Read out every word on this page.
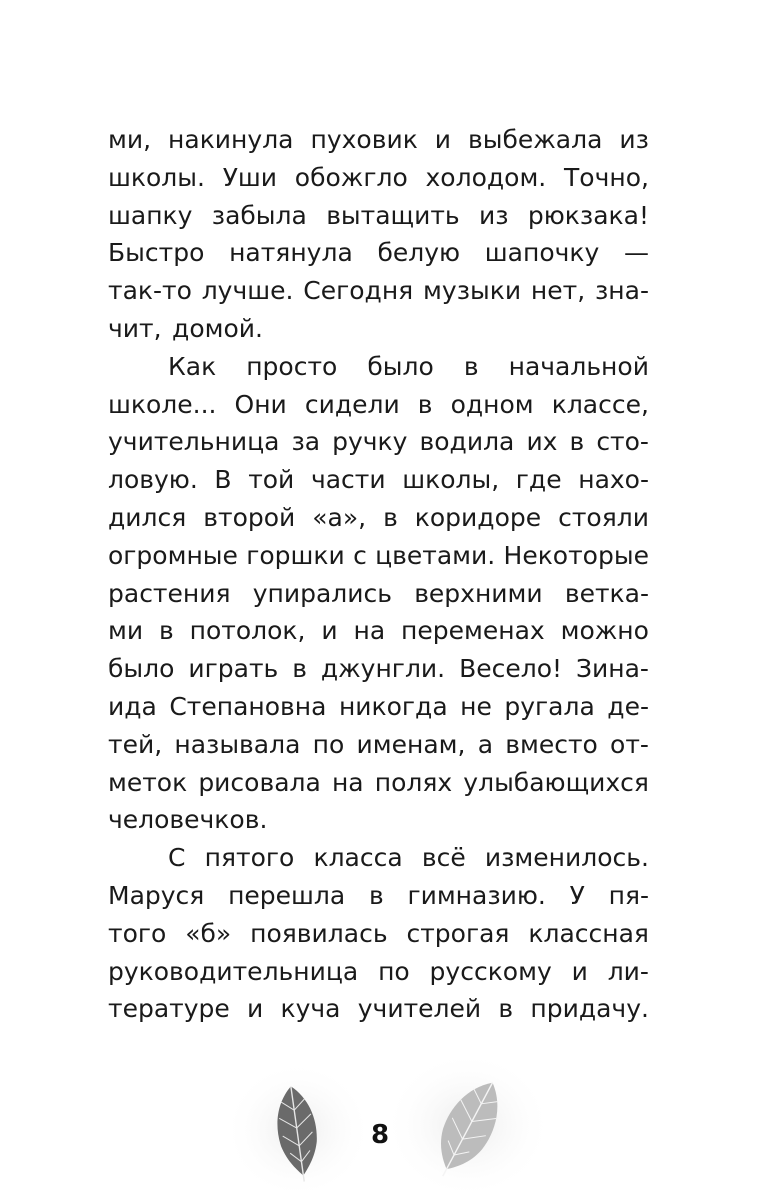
ми, накинула пуховик и выбежала из
школы. Уши обожгло холодом. Точно,
шапку забыла вытащить из рюкзака!
Быстро натянула белую шапочку —
так-то лучше. Сегодня музыки нет, зна-
чит, домой.
Как просто было в начальной
школе... Они сидели в одном классе,
учительница за ручку водила их в сто-
ловую. В той части школы, где нахо-
дился второй «а», в коридоре стояли
огромные горшки с цветами. Некоторые
растения упирались верхними ветка-
ми в потолок, и на переменах можно
было играть в джунгли. Весело! Зина-
ида Степановна никогда не ругала де-
тей, называла по именам, а вместо от-
меток рисовала на полях улыбающихся
человечков.
С пятого класса всё изменилось.
Маруся перешла в гимназию. У пя-
того «б» появилась строгая классная
руководительница по русскому и ли-
тературе и куча учителей в придачу.
8
